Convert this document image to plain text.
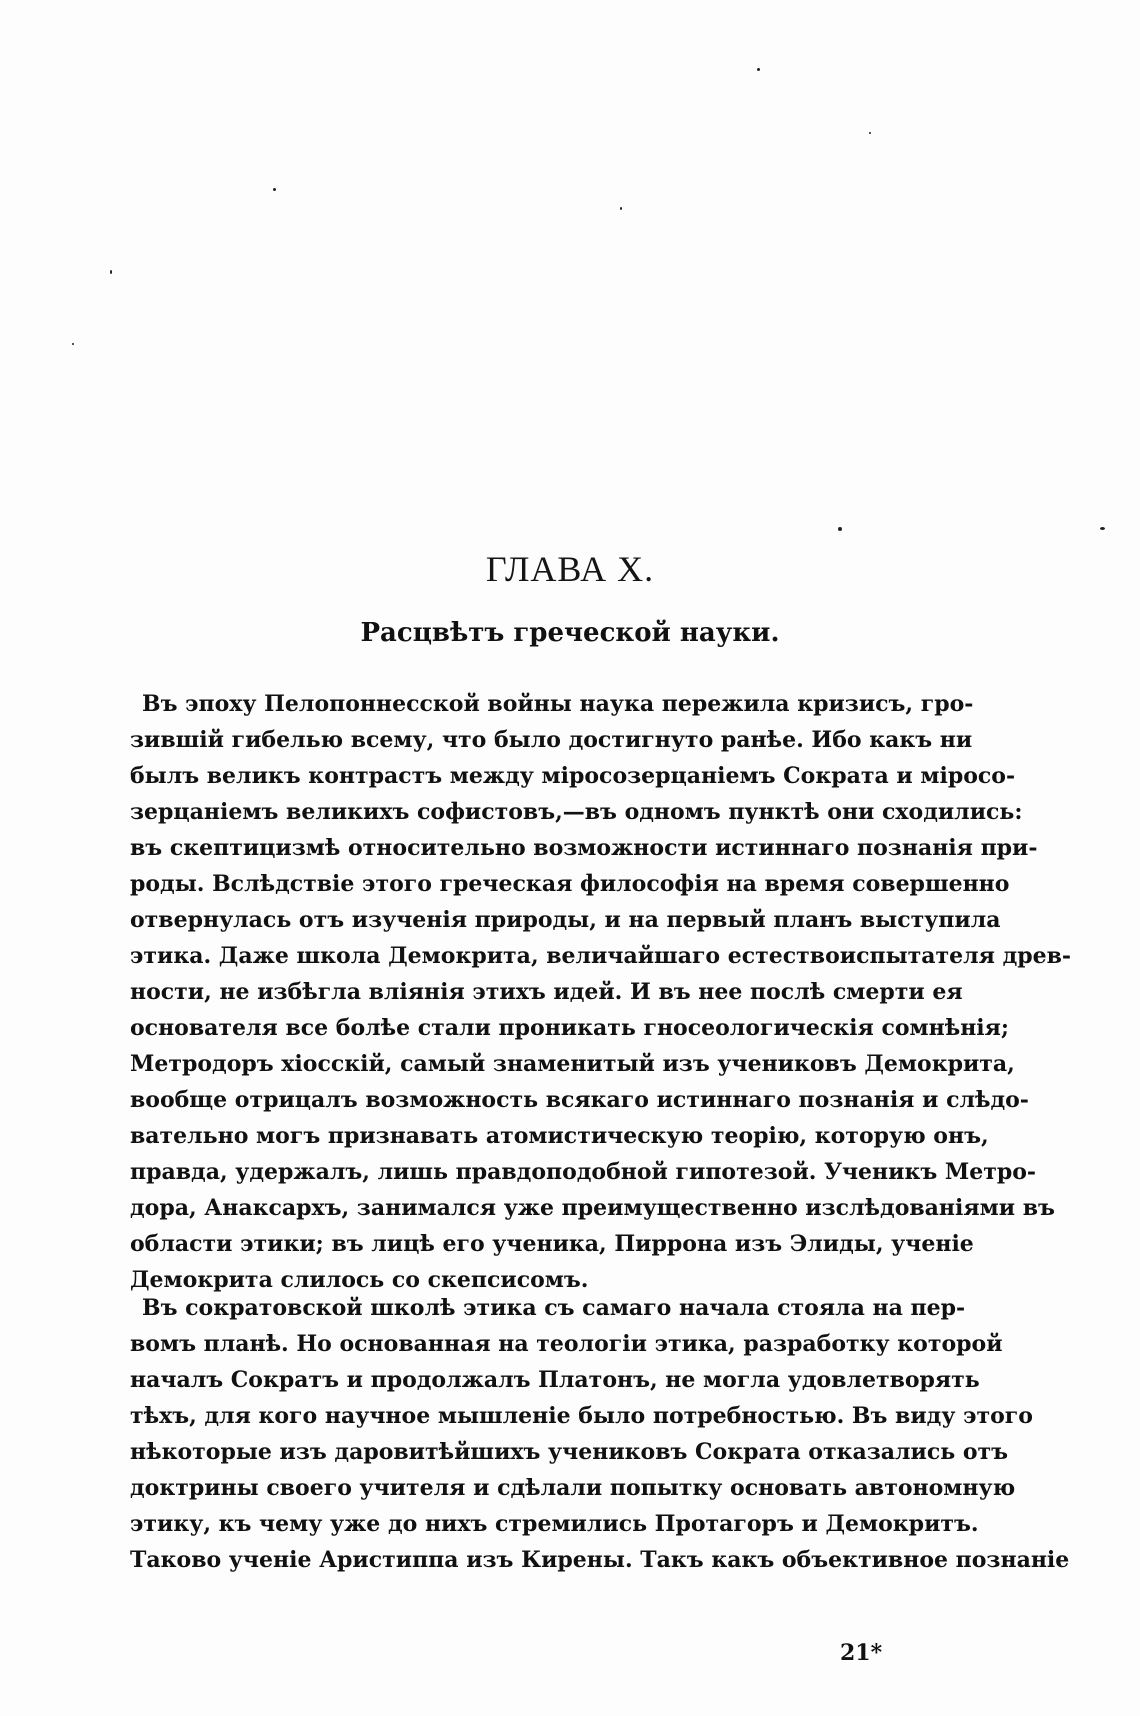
ГЛАВА X.
Расцвѣтъ греческой науки.
Въ эпоху Пелопоннесской войны наука пережила кризисъ, гро-
зившій гибелью всему, что было достигнуто ранѣе. Ибо какъ ни
былъ великъ контрастъ между міросозерцаніемъ Сократа и міросо-
зерцаніемъ великихъ софистовъ,—въ одномъ пунктѣ они сходились:
въ скептицизмѣ относительно возможности истиннаго познанія при-
роды. Вслѣдствіе этого греческая философія на время совершенно
отвернулась отъ изученія природы, и на первый планъ выступила
этика. Даже школа Демокрита, величайшаго естествоиспытателя древ-
ности, не избѣгла вліянія этихъ идей. И въ нее послѣ смерти ея
основателя все болѣе стали проникать гносеологическія сомнѣнія;
Метродоръ хіосскій, самый знаменитый изъ учениковъ Демокрита,
вообще отрицалъ возможность всякаго истиннаго познанія и слѣдо-
вательно могъ признавать атомистическую теорію, которую онъ,
правда, удержалъ, лишь правдоподобной гипотезой. Ученикъ Метро-
дора, Анаксархъ, занимался уже преимущественно изслѣдованіями въ
области этики; въ лицѣ его ученика, Пиррона изъ Элиды, ученіе
Демокрита слилось со скепсисомъ.
Въ сократовской школѣ этика съ самаго начала стояла на пер-
вомъ планѣ. Но основанная на теологіи этика, разработку которой
началъ Сократъ и продолжалъ Платонъ, не могла удовлетворять
тѣхъ, для кого научное мышленіе было потребностью. Въ виду этого
нѣкоторые изъ даровитѣйшихъ учениковъ Сократа отказались отъ
доктрины своего учителя и сдѣлали попытку основать автономную
этику, къ чему уже до нихъ стремились Протагоръ и Демокритъ.
Таково ученіе Аристиппа изъ Кирены. Такъ какъ объективное познаніе
21*
